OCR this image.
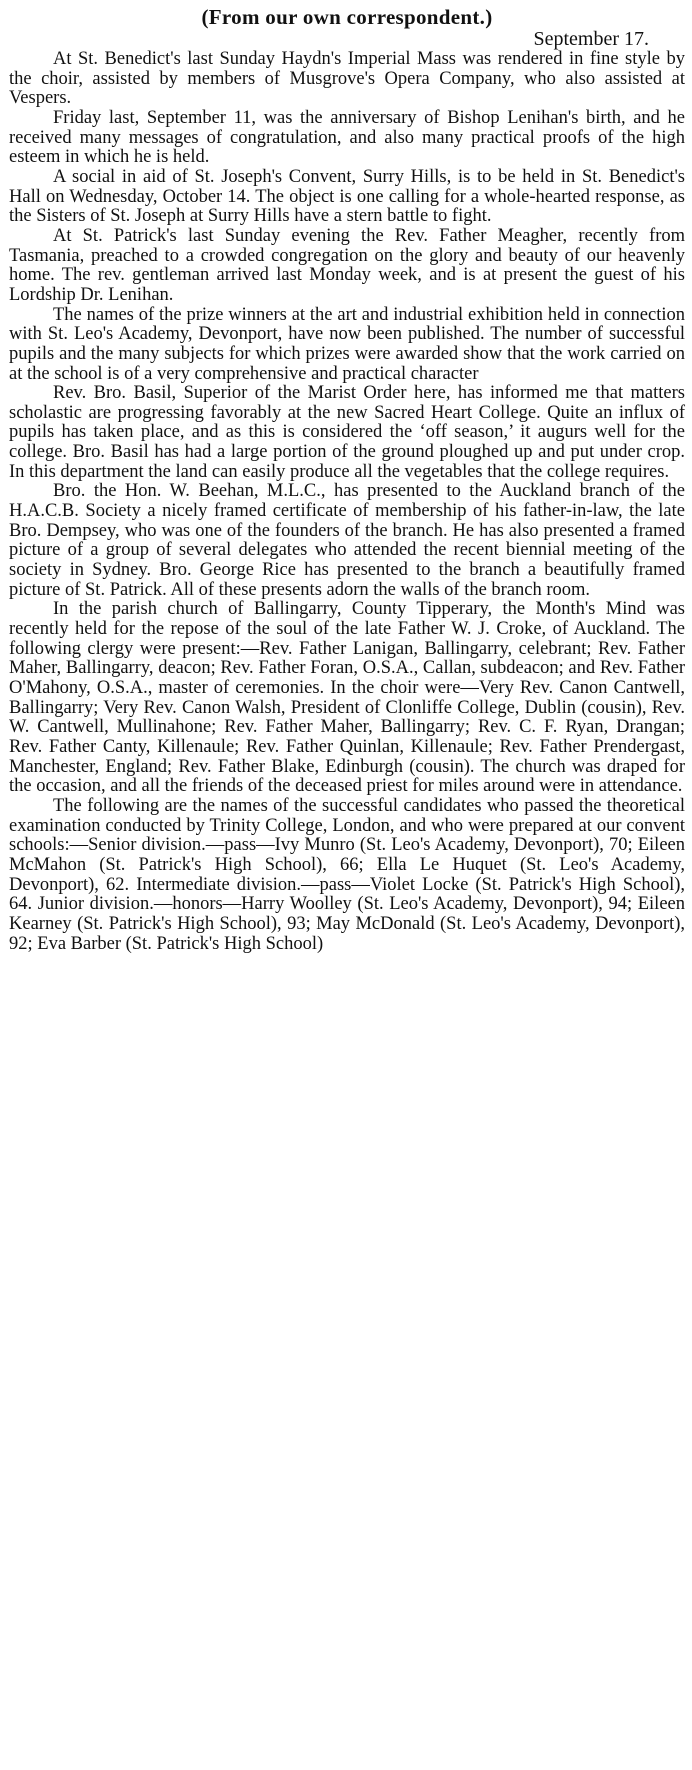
(From our own correspondent.)
September 17.

At St. Benedict's last Sunday Haydn's Imperial Mass was rendered in fine style by the choir, assisted by members of Musgrove's Opera Company, who also assisted at Vespers.

Friday last, September 11, was the anniversary of Bishop Lenihan's birth, and he received many messages of congratulation, and also many practical proofs of the high esteem in which he is held.

A social in aid of St. Joseph's Convent, Surry Hills, is to be held in St. Benedict's Hall on Wednesday, October 14. The object is one calling for a whole-hearted response, as the Sisters of St. Joseph at Surry Hills have a stern battle to fight.

At St. Patrick's last Sunday evening the Rev. Father Meagher, recently from Tasmania, preached to a crowded congregation on the glory and beauty of our heavenly home. The rev. gentleman arrived last Monday week, and is at present the guest of his Lordship Dr. Lenihan.

The names of the prize winners at the art and industrial exhibition held in connection with St. Leo's Academy, Devonport, have now been published. The number of successful pupils and the many subjects for which prizes were awarded show that the work carried on at the school is of a very comprehensive and practical character

Rev. Bro. Basil, Superior of the Marist Order here, has informed me that matters scholastic are progressing favorably at the new Sacred Heart College. Quite an influx of pupils has taken place, and as this is considered the ‘off season,’ it augurs well for the college. Bro. Basil has had a large portion of the ground ploughed up and put under crop. In this department the land can easily produce all the vegetables that the college requires.

Bro. the Hon. W. Beehan, M.L.C., has presented to the Auckland branch of the H.A.C.B. Society a nicely framed certificate of membership of his father-in-law, the late Bro. Dempsey, who was one of the founders of the branch. He has also presented a framed picture of a group of several delegates who attended the recent biennial meeting of the society in Sydney. Bro. George Rice has presented to the branch a beautifully framed picture of St. Patrick. All of these presents adorn the walls of the branch room.

In the parish church of Ballingarry, County Tipperary, the Month's Mind was recently held for the repose of the soul of the late Father W. J. Croke, of Auckland. The following clergy were present:—Rev. Father Lanigan, Ballingarry, celebrant; Rev. Father Maher, Ballingarry, deacon; Rev. Father Foran, O.S.A., Callan, subdeacon; and Rev. Father O'Mahony, O.S.A., master of ceremonies. In the choir were—Very Rev. Canon Cantwell, Ballingarry; Very Rev. Canon Walsh, President of Clonliffe College, Dublin (cousin), Rev. W. Cantwell, Mullinahone; Rev. Father Maher, Ballingarry; Rev. C. F. Ryan, Drangan; Rev. Father Canty, Killenaule; Rev. Father Quinlan, Killenaule; Rev. Father Prendergast, Manchester, England; Rev. Father Blake, Edinburgh (cousin). The church was draped for the occasion, and all the friends of the deceased priest for miles around were in attendance.

The following are the names of the successful candidates who passed the theoretical examination conducted by Trinity College, London, and who were prepared at our convent schools:—Senior division.—pass—Ivy Munro (St. Leo's Academy, Devonport), 70; Eileen McMahon (St. Patrick's High School), 66; Ella Le Huquet (St. Leo's Academy, Devonport), 62. Intermediate division.—pass—Violet Locke (St. Patrick's High School), 64. Junior division.—honors—Harry Woolley (St. Leo's Academy, Devonport), 94; Eileen Kearney (St. Patrick's High School), 93; May McDonald (St. Leo's Academy, Devonport), 92; Eva Barber (St. Patrick's High School)
